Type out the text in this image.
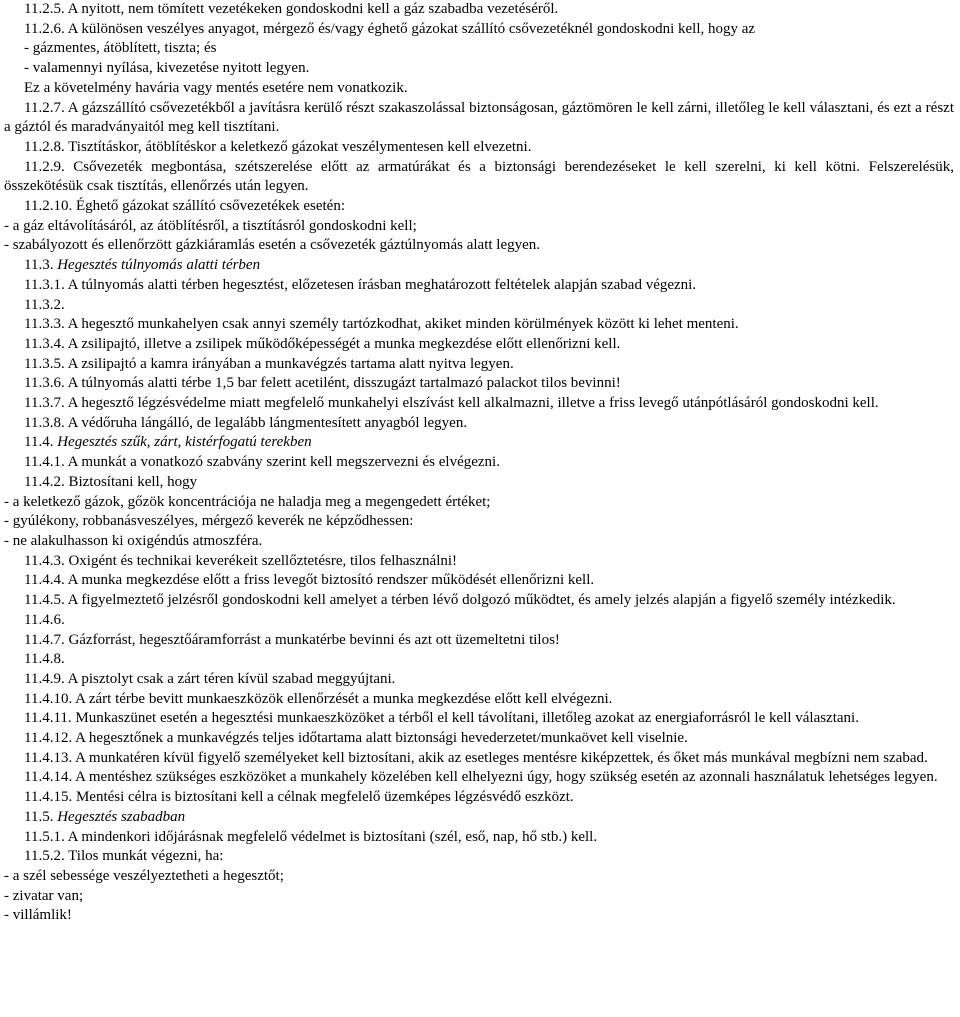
11.2.5. A nyitott, nem tömített vezetékeken gondoskodni kell a gáz szabadba vezetéséről.
11.2.6. A különösen veszélyes anyagot, mérgező és/vagy éghető gázokat szállító csővezetéknél gondoskodni kell, hogy az
- gázmentes, átöblített, tiszta; és
- valamennyi nyílása, kivezetése nyitott legyen.
Ez a követelmény havária vagy mentés esetére nem vonatkozik.
11.2.7. A gázszállító csővezetékből a javításra kerülő részt szakaszolással biztonságosan, gáztömören le kell zárni, illetőleg le kell választani, és ezt a részt a gáztól és maradványaitól meg kell tisztítani.
11.2.8. Tisztításkor, átöblítéskor a keletkező gázokat veszélymentesen kell elvezetni.
11.2.9. Csővezeték megbontása, szétszerelése előtt az armatúrákat és a biztonsági berendezéseket le kell szerelni, ki kell kötni. Felszerelésük, összekötésük csak tisztítás, ellenőrzés után legyen.
11.2.10. Éghető gázokat szállító csővezetékek esetén:
- a gáz eltávolításáról, az átöblítésről, a tisztításról gondoskodni kell;
- szabályozott és ellenőrzött gázkiáramlás esetén a csővezeték gáztúlnyomás alatt legyen.
11.3. Hegesztés túlnyomás alatti térben
11.3.1. A túlnyomás alatti térben hegesztést, előzetesen írásban meghatározott feltételek alapján szabad végezni.
11.3.2.
11.3.3. A hegesztő munkahelyen csak annyi személy tartózkodhat, akiket minden körülmények között ki lehet menteni.
11.3.4. A zsilipajtó, illetve a zsilipek működőképességét a munka megkezdése előtt ellenőrizni kell.
11.3.5. A zsilipajtó a kamra irányában a munkavégzés tartama alatt nyitva legyen.
11.3.6. A túlnyomás alatti térbe 1,5 bar felett acetilént, disszugázt tartalmazó palackot tilos bevinni!
11.3.7. A hegesztő légzésvédelme miatt megfelelő munkahelyi elszívást kell alkalmazni, illetve a friss levegő utánpótlásáról gondoskodni kell.
11.3.8. A védőruha lángálló, de legalább lángmentesített anyagból legyen.
11.4. Hegesztés szűk, zárt, kistérfogatú terekben
11.4.1. A munkát a vonatkozó szabvány szerint kell megszervezni és elvégezni.
11.4.2. Biztosítani kell, hogy
- a keletkező gázok, gőzök koncentrációja ne haladja meg a megengedett értéket;
- gyúlékony, robbanásveszélyes, mérgező keverék ne képződhessen:
- ne alakulhasson ki oxigéndús atmoszféra.
11.4.3. Oxigént és technikai keverékeit szellőztetésre, tilos felhasználni!
11.4.4. A munka megkezdése előtt a friss levegőt biztosító rendszer működését ellenőrizni kell.
11.4.5. A figyelmeztető jelzésről gondoskodni kell amelyet a térben lévő dolgozó működtet, és amely jelzés alapján a figyelő személy intézkedik.
11.4.6.
11.4.7. Gázforrást, hegesztőáramforrást a munkatérbe bevinni és azt ott üzemeltetni tilos!
11.4.8.
11.4.9. A pisztolyt csak a zárt téren kívül szabad meggyújtani.
11.4.10. A zárt térbe bevitt munkaeszközök ellenőrzését a munka megkezdése előtt kell elvégezni.
11.4.11. Munkaszünet esetén a hegesztési munkaeszközöket a térből el kell távolítani, illetőleg azokat az energiaforrásról le kell választani.
11.4.12. A hegesztőnek a munkavégzés teljes időtartama alatt biztonsági hevederzetet/munkaövet kell viselnie.
11.4.13. A munkatéren kívül figyelő személyeket kell biztosítani, akik az esetleges mentésre kiképzettek, és őket más munkával megbízni nem szabad.
11.4.14. A mentéshez szükséges eszközöket a munkahely közelében kell elhelyezni úgy, hogy szükség esetén az azonnali használatuk lehetséges legyen.
11.4.15. Mentési célra is biztosítani kell a célnak megfelelő üzemképes légzésvédő eszközt.
11.5. Hegesztés szabadban
11.5.1. A mindenkori időjárásnak megfelelő védelmet is biztosítani (szél, eső, nap, hő stb.) kell.
11.5.2. Tilos munkát végezni, ha:
- a szél sebessége veszélyeztetheti a hegesztőt;
- zivatar van;
- villámlik!
